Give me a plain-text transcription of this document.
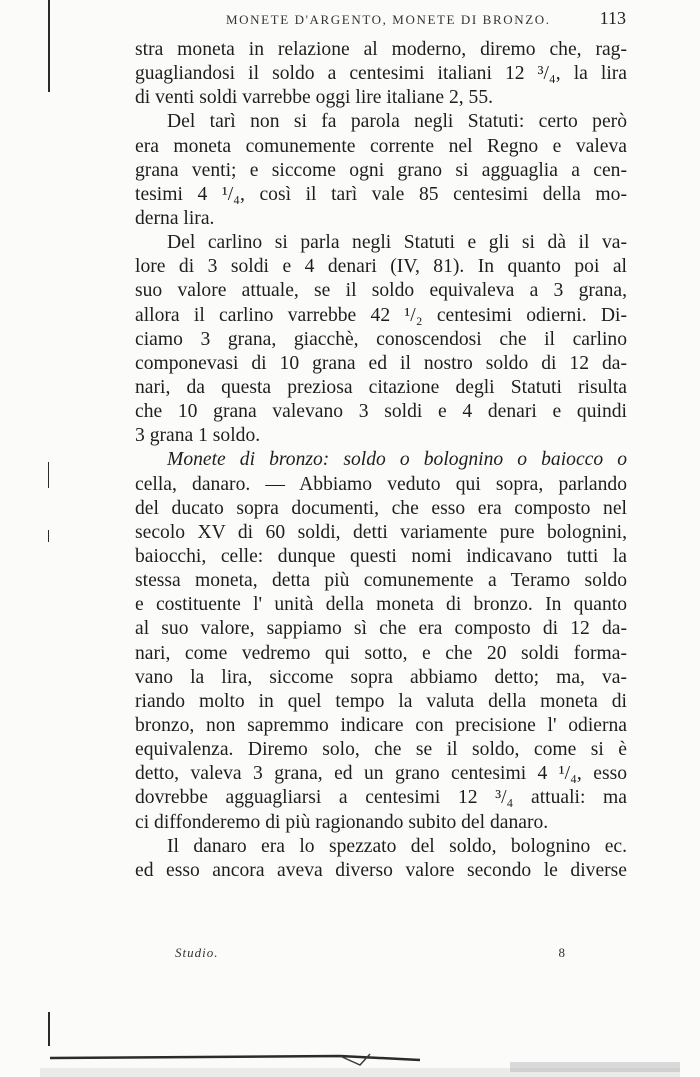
MONETE D'ARGENTO, MONETE DI BRONZO.	113

stra moneta in relazione al moderno, diremo che, rag-
guagliandosi il soldo a centesimi italiani 12 ³/₄, la lira
di venti soldi varrebbe oggi lire italiane 2, 55.

Del tarì non si fa parola negli Statuti: certo però
era moneta comunemente corrente nel Regno e valeva
grana venti; e siccome ogni grano si agguaglia a cen-
tesimi 4 ¹/₄, così il tarì vale 85 centesimi della mo-
derna lira.

Del carlino si parla negli Statuti e gli si dà il va-
lore di 3 soldi e 4 denari (IV, 81). In quanto poi al
suo valore attuale, se il soldo equivaleva a 3 grana,
allora il carlino varrebbe 42 ¹/₂ centesimi odierni. Di-
ciamo 3 grana, giacchè, conoscendosi che il carlino
componevasi di 10 grana ed il nostro soldo di 12 da-
nari, da questa preziosa citazione degli Statuti risulta
che 10 grana valevano 3 soldi e 4 denari e quindi
3 grana 1 soldo.

Monete di bronzo: soldo o bolognino o baiocco o
cella, danaro. — Abbiamo veduto qui sopra, parlando
del ducato sopra documenti, che esso era composto nel
secolo XV di 60 soldi, detti variamente pure bolognini,
baiocchi, celle: dunque questi nomi indicavano tutti la
stessa moneta, detta più comunemente a Teramo soldo
e costituente l' unità della moneta di bronzo. In quanto
al suo valore, sappiamo sì che era composto di 12 da-
nari, come vedremo qui sotto, e che 20 soldi forma-
vano la lira, siccome sopra abbiamo detto; ma, va-
riando molto in quel tempo la valuta della moneta di
bronzo, non sapremmo indicare con precisione l' odierna
equivalenza. Diremo solo, che se il soldo, come si è
detto, valeva 3 grana, ed un grano centesimi 4 ¹/₄, esso
dovrebbe agguagliarsi a centesimi 12 ³/₄ attuali: ma
ci diffonderemo di più ragionando subito del danaro.

Il danaro era lo spezzato del soldo, bolognino ec.
ed esso ancora aveva diverso valore secondo le diverse

Studio.	8
